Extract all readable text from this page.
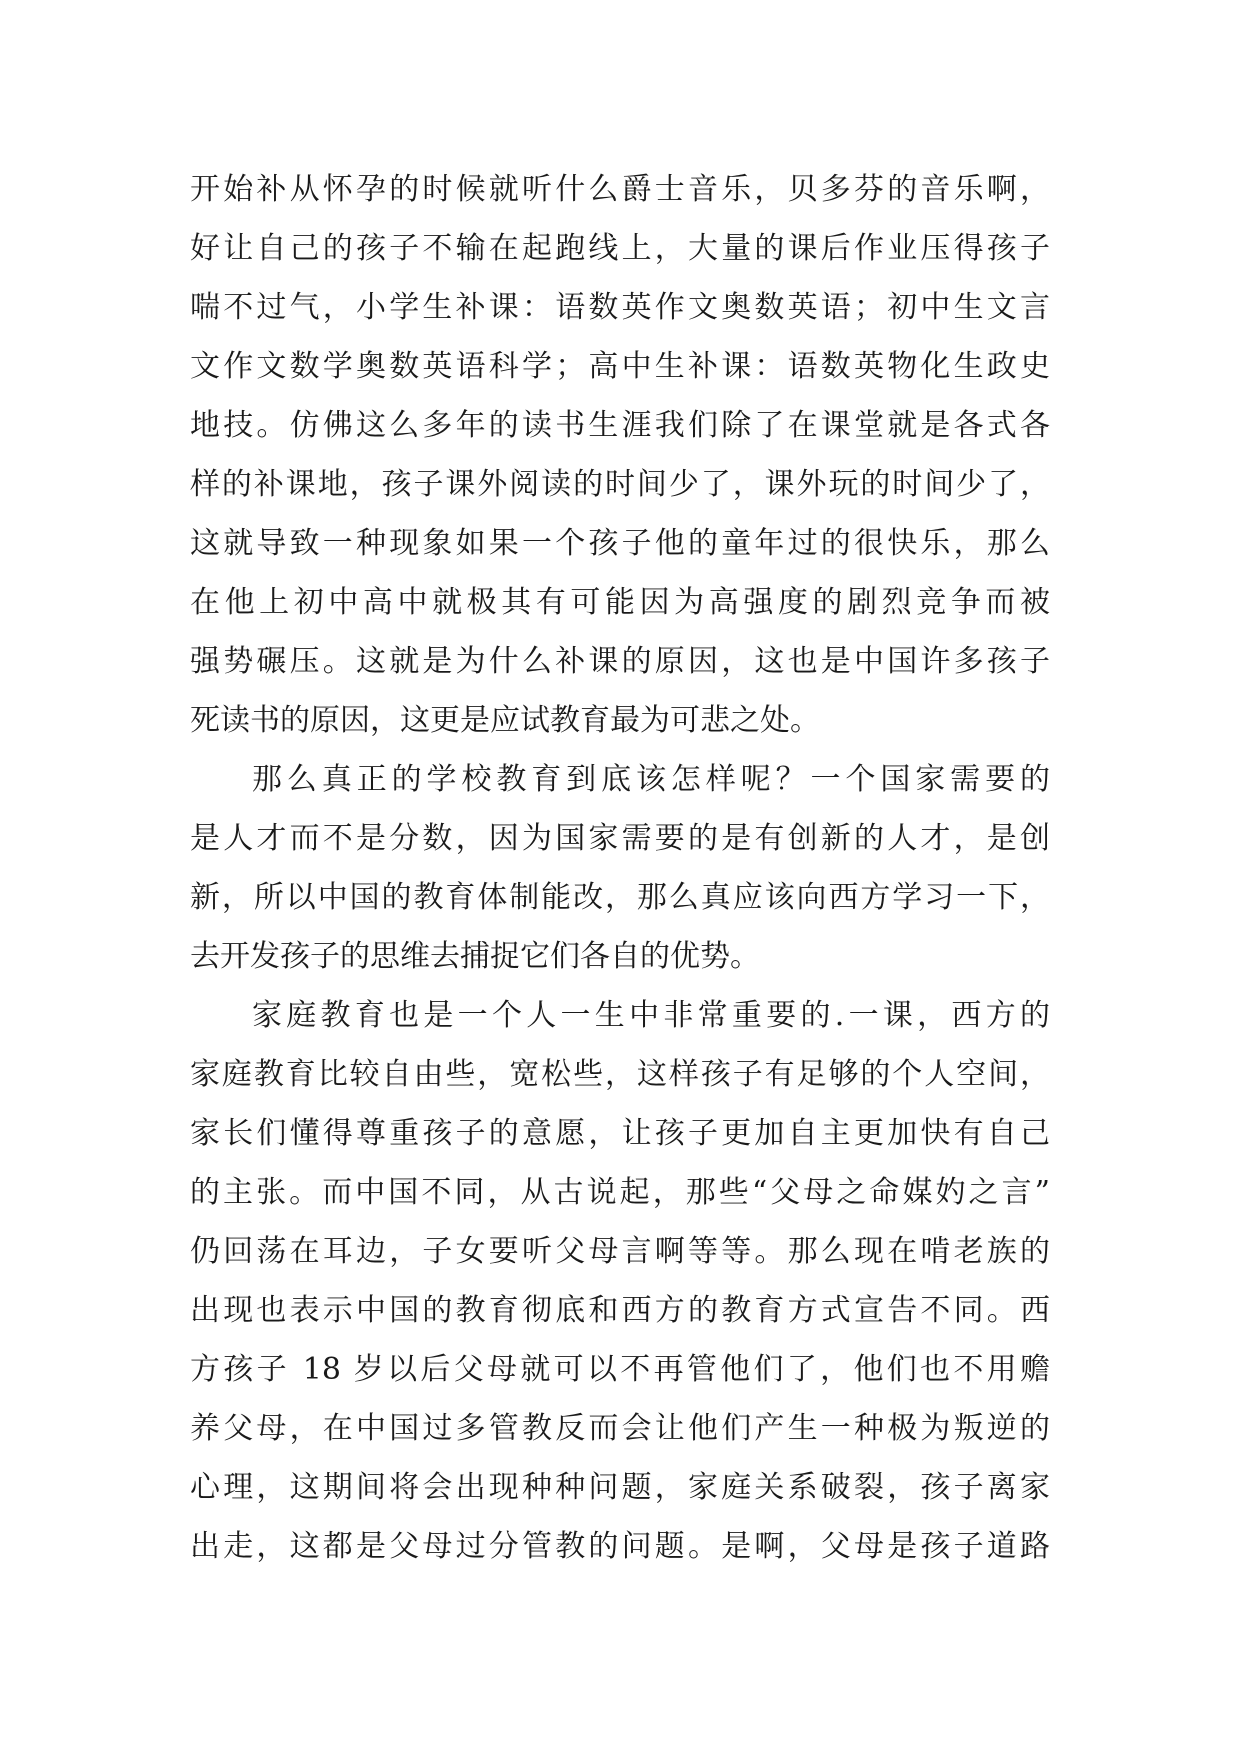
开始补从怀孕的时候就听什么爵士音乐，贝多芬的音乐啊，
好让自己的孩子不输在起跑线上，大量的课后作业压得孩子
喘不过气，小学生补课：语数英作文奥数英语；初中生文言
文作文数学奥数英语科学；高中生补课：语数英物化生政史
地技。仿佛这么多年的读书生涯我们除了在课堂就是各式各
样的补课地，孩子课外阅读的时间少了，课外玩的时间少了，
这就导致一种现象如果一个孩子他的童年过的很快乐，那么
在他上初中高中就极其有可能因为高强度的剧烈竞争而被
强势碾压。这就是为什么补课的原因，这也是中国许多孩子
死读书的原因，这更是应试教育最为可悲之处。
那么真正的学校教育到底该怎样呢？一个国家需要的
是人才而不是分数，因为国家需要的是有创新的人才，是创
新，所以中国的教育体制能改，那么真应该向西方学习一下，
去开发孩子的思维去捕捉它们各自的优势。
家庭教育也是一个人一生中非常重要的.一课，西方的
家庭教育比较自由些，宽松些，这样孩子有足够的个人空间，
家长们懂得尊重孩子的意愿，让孩子更加自主更加快有自己
的主张。而中国不同，从古说起，那些“父母之命媒妁之言”
仍回荡在耳边，子女要听父母言啊等等。那么现在啃老族的
出现也表示中国的教育彻底和西方的教育方式宣告不同。西
方孩子 18 岁以后父母就可以不再管他们了，他们也不用赡
养父母，在中国过多管教反而会让他们产生一种极为叛逆的
心理，这期间将会出现种种问题，家庭关系破裂，孩子离家
出走，这都是父母过分管教的问题。是啊，父母是孩子道路
